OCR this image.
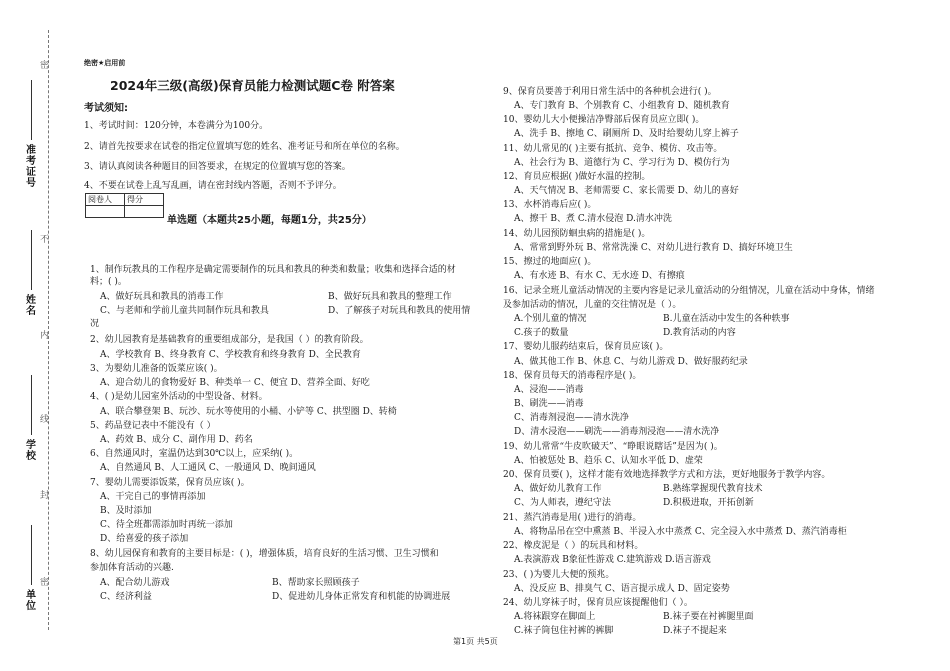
密
不
内
线
封
密
准考证号
姓名
学校
单位
绝密★启用前
2024年三级(高级)保育员能力检测试题C卷 附答案
考试须知:
1、考试时间：120分钟，本卷满分为100分。
2、请首先按要求在试卷的指定位置填写您的姓名、准考证号和所在单位的名称。
3、请认真阅读各种题目的回答要求，在规定的位置填写您的答案。
4、不要在试卷上乱写乱画，请在密封线内答题，否则不予评分。
阅卷人	得分

单选题（本题共25小题，每题1分，共25分）
1、制作玩教具的工作程序是确定需要制作的玩具和教具的种类和数量；收集和选择合适的材
料；( )。
A、做好玩具和教具的消毒工作	B、做好玩具和教具的整理工作
C、与老师和学前儿童共同制作玩具和教具	D、了解孩子对玩具和教具的使用情
况
2、幼儿园教育是基础教育的重要组成部分，是我国（ ）的教育阶段。
A、学校教育 B、终身教育 C、学校教育和终身教育 D、全民教育
3、为婴幼儿准备的饭菜应该( )。
A、迎合幼儿的食物爱好 B、种类单一 C、便宜 D、营养全面、好吃
4、( )是幼儿园室外活动的中型设备、材料。
A、联合攀登架 B、玩沙、玩水等使用的小桶、小铲等 C、拱型圈 D、转椅
5、药品登记表中不能没有（ ）
A、药效 B、成分 C、副作用 D、药名
6、自然通风时，室温仍达到30℃以上，应采纳( )。
A、自然通风 B、人工通风 C、一般通风 D、晚间通风
7、婴幼儿需要添饭菜，保育员应该( )。
A、干完自己的事情再添加
B、及时添加
C、待全班都需添加时再统一添加
D、给喜爱的孩子添加
8、幼儿园保育和教育的主要目标是：( )，增强体质，培育良好的生活习惯、卫生习惯和
参加体育活动的兴趣.
A、配合幼儿游戏	B、帮助家长照顾孩子
C、经济利益	D、促进幼儿身体正常发育和机能的协调进展
9、保育员要善于利用日常生活中的各种机会进行( )。
A、专门教育 B、个别教育 C、小组教育 D、随机教育
10、婴幼儿大小便操洁净臀部后保育员应立即( )。
A、洗手 B、擦地 C、刷厕所 D、及时给婴幼儿穿上裤子
11、幼儿常见的( )主要有抵抗、竞争、模仿、攻击等。
A、社会行为 B、道德行为 C、学习行为 D、模仿行为
12、育员应根据( )做好水温的控制。
A、天气情况 B、老师需要 C、家长需要 D、幼儿的喜好
13、水杯消毒后应( )。
A、擦干 B、煮 C.清水侵泡 D.清水冲洗
14、幼儿园预防蛔虫病的措施是( )。
A、常常到野外玩 B、常常洗澡 C、对幼儿进行教育 D、搞好环境卫生
15、擦过的地面应( )。
A、有水迹 B、有水 C、无水迹 D、有擦痕
16、记录全班儿童活动情况的主要内容是记录儿童活动的分组情况，儿童在活动中身体，情绪
及参加活动的情况，儿童的交往情况是（ ）。
A.个别儿童的情况	B.儿童在活动中发生的各种轶事
C.孩子的数量	D.教育活动的内容
17、婴幼儿服药结束后，保育员应该( )。
A、做其他工作 B、休息 C、与幼儿游戏 D、做好服药纪录
18、保育员每天的消毒程序是( )。
A、浸泡——消毒
B、刷洗——消毒
C、消毒剂浸泡——清水洗净
D、清水浸泡——刷洗——消毒剂浸泡——清水洗净
19、幼儿常常“牛皮吹破天”、“睁眼说瞎话”是因为( )。
A、怕被惩处 B、趋乐 C、认知水平低 D、虚荣
20、保育员要( )，这样才能有效地选择教学方式和方法，更好地服务于教学内容。
A、做好幼儿教育工作	B.熟练掌握现代教育技术
C、为人师表，遵纪守法	D.积极进取，开拓创新
21、蒸汽消毒是用( )进行的消毒。
A、将物品吊在空中熏蒸 B、半浸入水中蒸煮 C、完全浸入水中蒸煮 D、蒸汽消毒柜
22、橡皮泥是（ ）的玩具和材料。
A.表演游戏 B象征性游戏 C.建筑游戏 D.语言游戏
23、( )为婴儿大便的预兆。
A、没反应 B、排臭气 C、语言提示成人 D、固定姿势
24、幼儿穿袜子时，保育员应该提醒他们（ ）。
A.将袜跟穿在脚面上	B.袜子要在衬裤腿里面
C.袜子筒包住衬裤的裤脚	D.袜子不提起来
第1页 共5页
